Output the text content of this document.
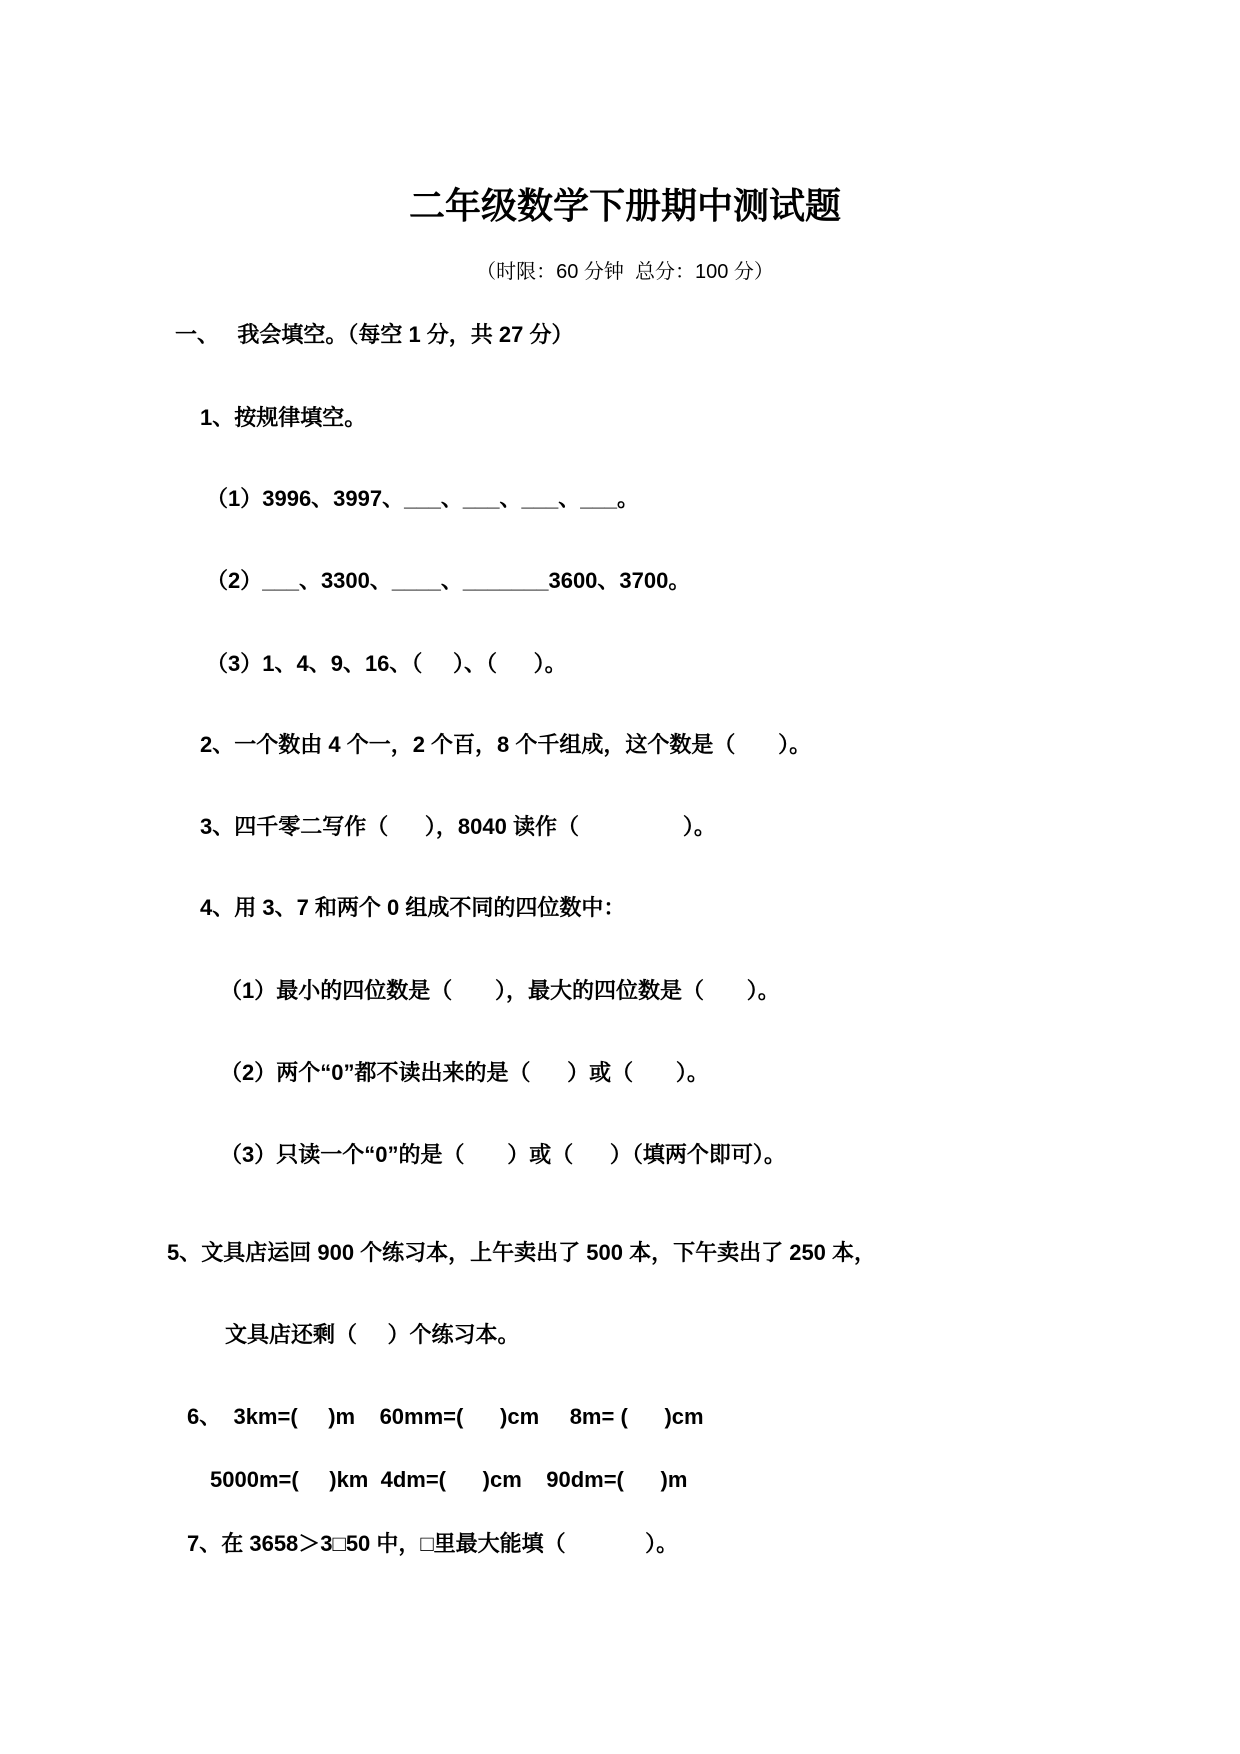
二年级数学下册期中测试题
（时限：60 分钟  总分：100 分）
一、   我会填空。（每空 1 分，共 27 分）
1、按规律填空。
（1）3996、3997、___、___、___、___。
（2）___、3300、____、_______3600、3700。
（3）1、4、9、16、（     ）、（      ）。
2、一个数由 4 个一，2 个百，8 个千组成，这个数是（       ）。
3、四千零二写作（      ），8040 读作（                 ）。
4、用 3、7 和两个 0 组成不同的四位数中：
（1）最小的四位数是（       ），最大的四位数是（       ）。
（2）两个“0”都不读出来的是（      ）或（       ）。
（3）只读一个“0”的是（       ）或（      ）（填两个即可）。
5、文具店运回 900 个练习本，上午卖出了 500 本，下午卖出了 250 本，
文具店还剩（     ）个练习本。
6、  3km=(     )m    60mm=(      )cm     8m= (      )cm
5000m=(     )km  4dm=(      )cm    90dm=(      )m
7、在 3658＞3□50 中，□里最大能填（             ）。
